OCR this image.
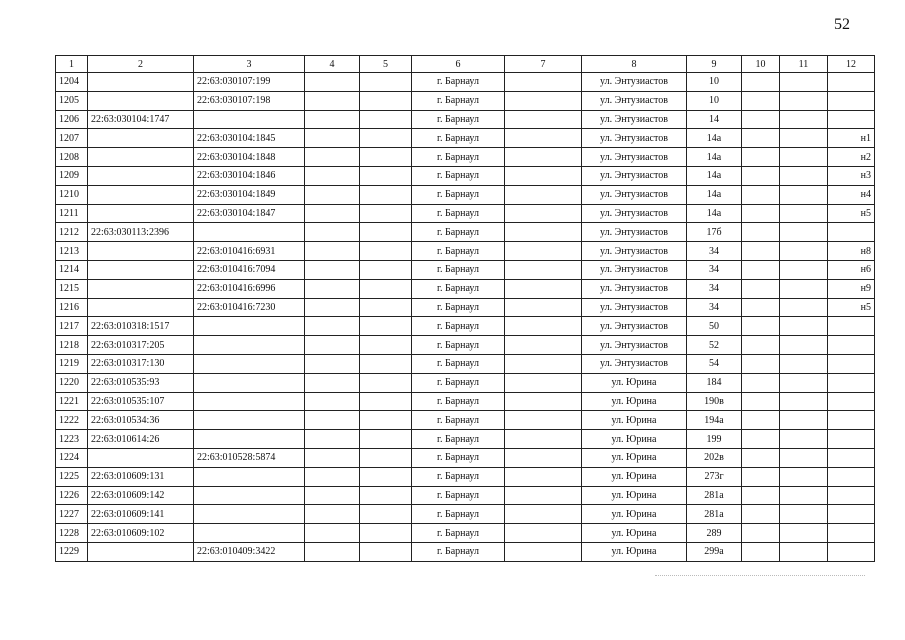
52
1	2	3	4	5	6	7	8	9	10	11	12
1204		22:63:030107:199			г. Барнаул		ул. Энтузиастов	10			
1205		22:63:030107:198			г. Барнаул		ул. Энтузиастов	10			
1206	22:63:030104:1747				г. Барнаул		ул. Энтузиастов	14			
1207		22:63:030104:1845			г. Барнаул		ул. Энтузиастов	14а			н1
1208		22:63:030104:1848			г. Барнаул		ул. Энтузиастов	14а			н2
1209		22:63:030104:1846			г. Барнаул		ул. Энтузиастов	14а			н3
1210		22:63:030104:1849			г. Барнаул		ул. Энтузиастов	14а			н4
1211		22:63:030104:1847			г. Барнаул		ул. Энтузиастов	14а			н5
1212	22:63:030113:2396				г. Барнаул		ул. Энтузиастов	17б			
1213		22:63:010416:6931			г. Барнаул		ул. Энтузиастов	34			н8
1214		22:63:010416:7094			г. Барнаул		ул. Энтузиастов	34			н6
1215		22:63:010416:6996			г. Барнаул		ул. Энтузиастов	34			н9
1216		22:63:010416:7230			г. Барнаул		ул. Энтузиастов	34			н5
1217	22:63:010318:1517				г. Барнаул		ул. Энтузиастов	50			
1218	22:63:010317:205				г. Барнаул		ул. Энтузиастов	52			
1219	22:63:010317:130				г. Барнаул		ул. Энтузиастов	54			
1220	22:63:010535:93				г. Барнаул		ул. Юрина	184			
1221	22:63:010535:107				г. Барнаул		ул. Юрина	190в			
1222	22:63:010534:36				г. Барнаул		ул. Юрина	194а			
1223	22:63:010614:26				г. Барнаул		ул. Юрина	199			
1224		22:63:010528:5874			г. Барнаул		ул. Юрина	202в			
1225	22:63:010609:131				г. Барнаул		ул. Юрина	273г			
1226	22:63:010609:142				г. Барнаул		ул. Юрина	281а			
1227	22:63:010609:141				г. Барнаул		ул. Юрина	281а			
1228	22:63:010609:102				г. Барнаул		ул. Юрина	289			
1229		22:63:010409:3422			г. Барнаул		ул. Юрина	299а			
